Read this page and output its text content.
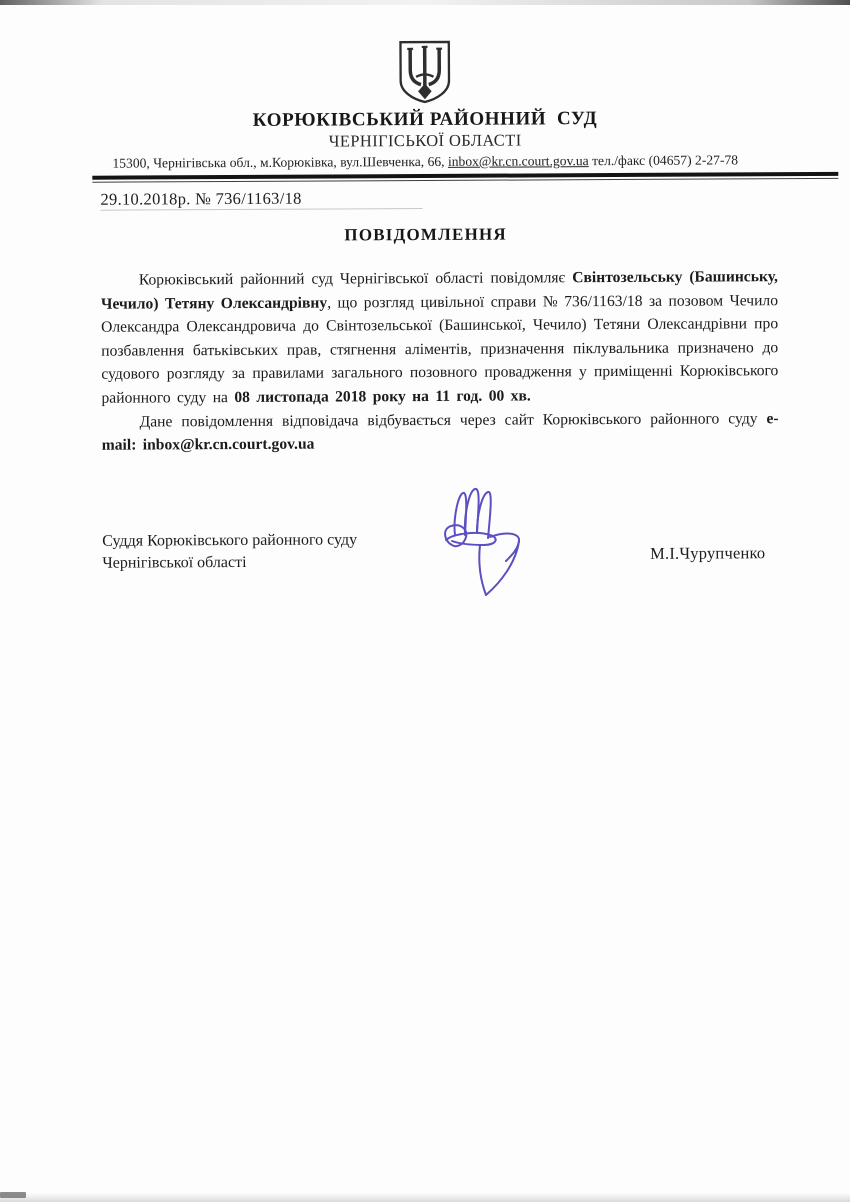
КОРЮКІВСЬКИЙ РАЙОННИЙ  СУД
ЧЕРНІГІСЬКОЇ ОБЛАСТІ
15300, Чернігівська обл., м.Корюківка, вул.Шевченка, 66, inbox@kr.cn.court.gov.ua тел./факс (04657) 2-27-78
29.10.2018р. № 736/1163/18
ПОВІДОМЛЕННЯ

Корюківський районний суд Чернігівської області повідомляє Свінтозельську (Башинську, Чечило) Тетяну Олександрівну, що розгляд цивільної справи № 736/1163/18 за позовом Чечило Олександра Олександровича до Свінтозельської (Башинської, Чечило) Тетяни Олександрівни про позбавлення батьківських прав, стягнення аліментів, призначення піклувальника призначено до судового розгляду за правилами загального позовного провадження у приміщенні Корюківського районного суду на 08 листопада 2018 року на 11 год. 00 хв.

Дане повідомлення відповідача відбувається через сайт Корюківського районного суду e-mail: inbox@kr.cn.court.gov.ua

Суддя Корюківського районного суду
Чернігівської області	М.І.Чурупченко
